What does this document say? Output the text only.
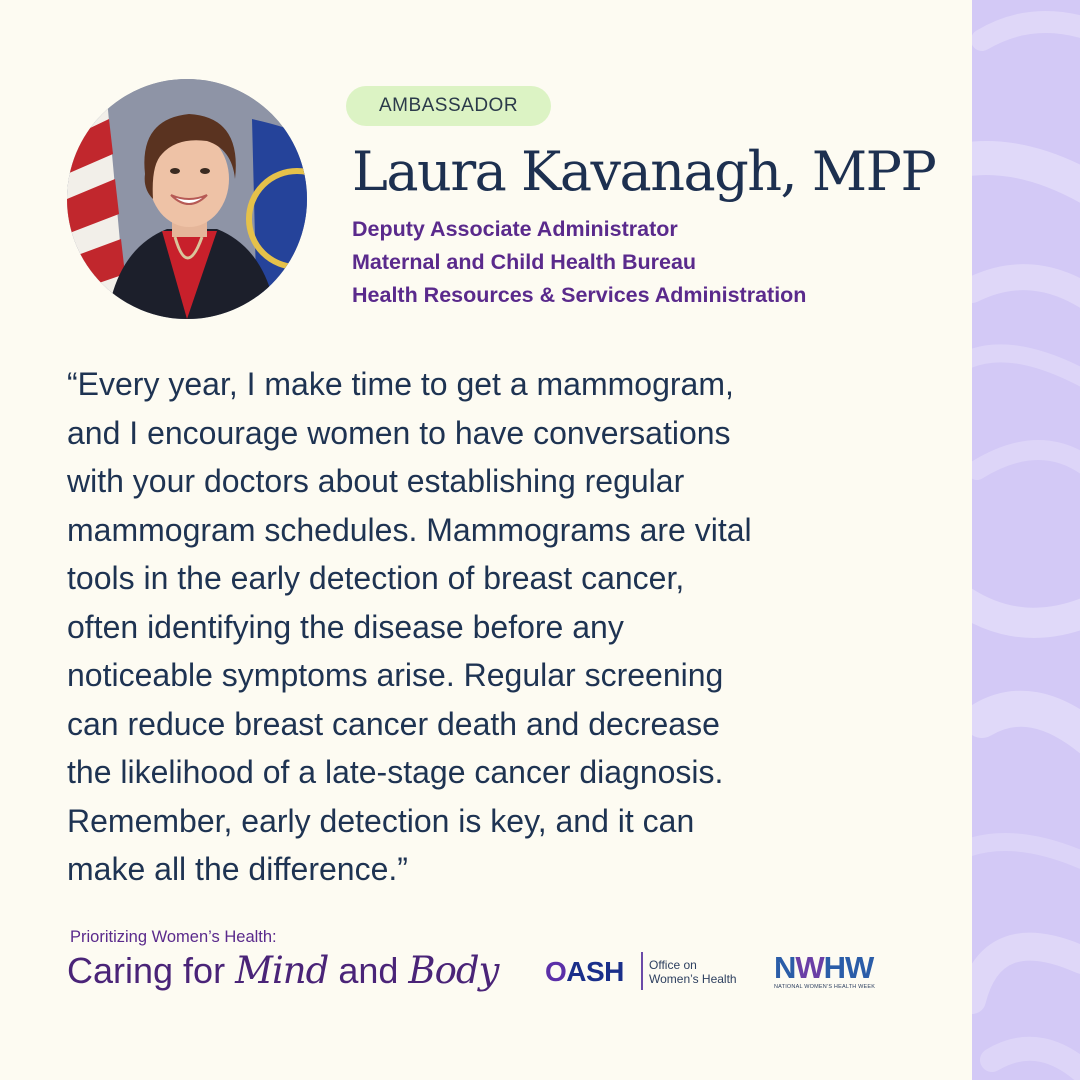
AMBASSADOR
Laura Kavanagh, MPP
Deputy Associate Administrator
Maternal and Child Health Bureau
Health Resources & Services Administration
“Every year, I make time to get a mammogram,
and I encourage women to have conversations
with your doctors about establishing regular
mammogram schedules. Mammograms are vital
tools in the early detection of breast cancer,
often identifying the disease before any
noticeable symptoms arise. Regular screening
can reduce breast cancer death and decrease
the likelihood of a late-stage cancer diagnosis.
Remember, early detection is key, and it can
make all the difference.”
Prioritizing Women’s Health:
Caring for Mind and Body OASH Office on
Women’s Health NWHW
NATIONAL WOMEN’S HEALTH WEEK
